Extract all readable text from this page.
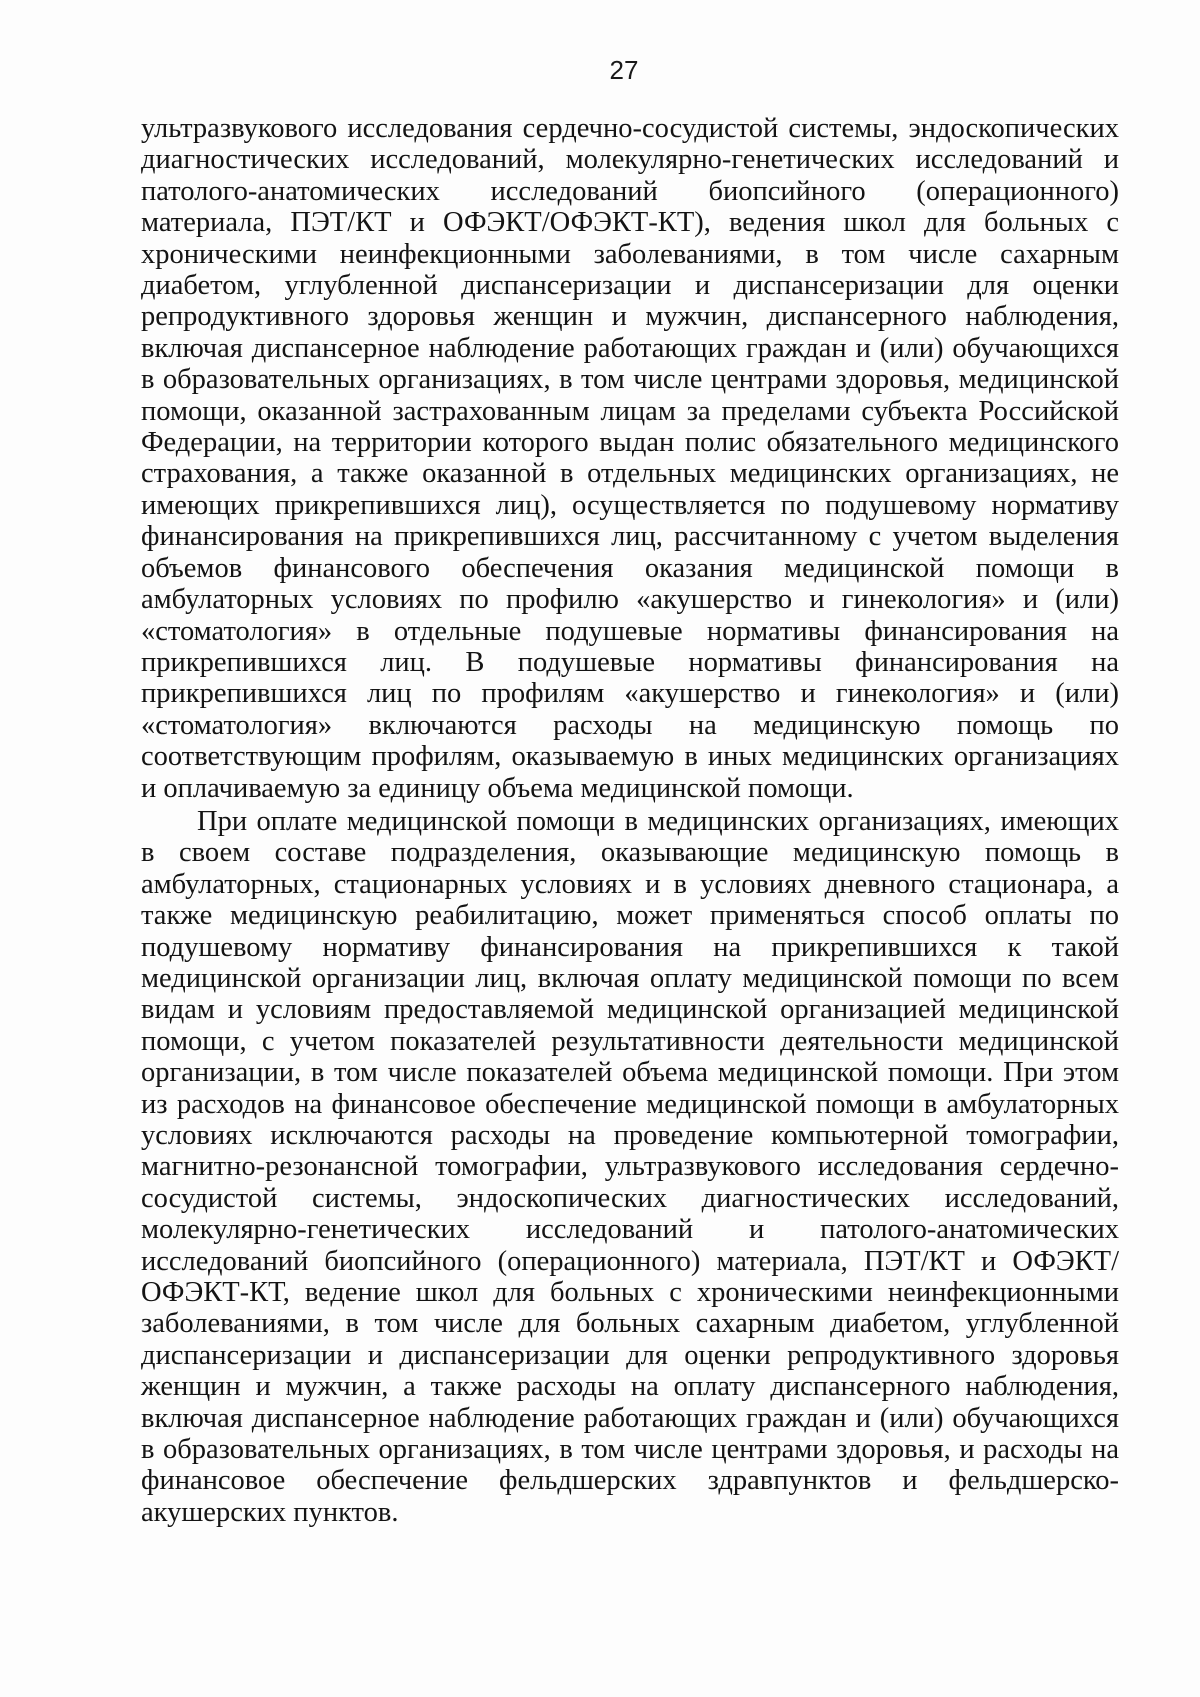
27

ультразвукового исследования сердечно-сосудистой системы, эндоскопических диагностических исследований, молекулярно-генетических исследований и патолого-анатомических исследований биопсийного (операционного) материала, ПЭТ/КТ и ОФЭКТ/ОФЭКТ-КТ), ведения школ для больных с хроническими неинфекционными заболеваниями, в том числе сахарным диабетом, углубленной диспансеризации и диспансеризации для оценки репродуктивного здоровья женщин и мужчин, диспансерного наблюдения, включая диспансерное наблюдение работающих граждан и (или) обучающихся в образовательных организациях, в том числе центрами здоровья, медицинской помощи, оказанной застрахованным лицам за пределами субъекта Российской Федерации, на территории которого выдан полис обязательного медицинского страхования, а также оказанной в отдельных медицинских организациях, не имеющих прикрепившихся лиц), осуществляется по подушевому нормативу финансирования на прикрепившихся лиц, рассчитанному с учетом выделения объемов финансового обеспечения оказания медицинской помощи в амбулаторных условиях по профилю «акушерство и гинекология» и (или) «стоматология» в отдельные подушевые нормативы финансирования на прикрепившихся лиц. В подушевые нормативы финансирования на прикрепившихся лиц по профилям «акушерство и гинекология» и (или) «стоматология» включаются расходы на медицинскую помощь по соответствующим профилям, оказываемую в иных медицинских организациях и оплачиваемую за единицу объема медицинской помощи.

При оплате медицинской помощи в медицинских организациях, имеющих в своем составе подразделения, оказывающие медицинскую помощь в амбулаторных, стационарных условиях и в условиях дневного стационара, а также медицинскую реабилитацию, может применяться способ оплаты по подушевому нормативу финансирования на прикрепившихся к такой медицинской организации лиц, включая оплату медицинской помощи по всем видам и условиям предоставляемой медицинской организацией медицинской помощи, с учетом показателей результативности деятельности медицинской организации, в том числе показателей объема медицинской помощи. При этом из расходов на финансовое обеспечение медицинской помощи в амбулаторных условиях исключаются расходы на проведение компьютерной томографии, магнитно-резонансной томографии, ультразвукового исследования сердечно-сосудистой системы, эндоскопических диагностических исследований, молекулярно-генетических исследований и патолого-анатомических исследований биопсийного (операционного) материала, ПЭТ/КТ и ОФЭКТ/ОФЭКТ-КТ, ведение школ для больных с хроническими неинфекционными заболеваниями, в том числе для больных сахарным диабетом, углубленной диспансеризации и диспансеризации для оценки репродуктивного здоровья женщин и мужчин, а также расходы на оплату диспансерного наблюдения, включая диспансерное наблюдение работающих граждан и (или) обучающихся в образовательных организациях, в том числе центрами здоровья, и расходы на финансовое обеспечение фельдшерских здравпунктов и фельдшерско-акушерских пунктов.
